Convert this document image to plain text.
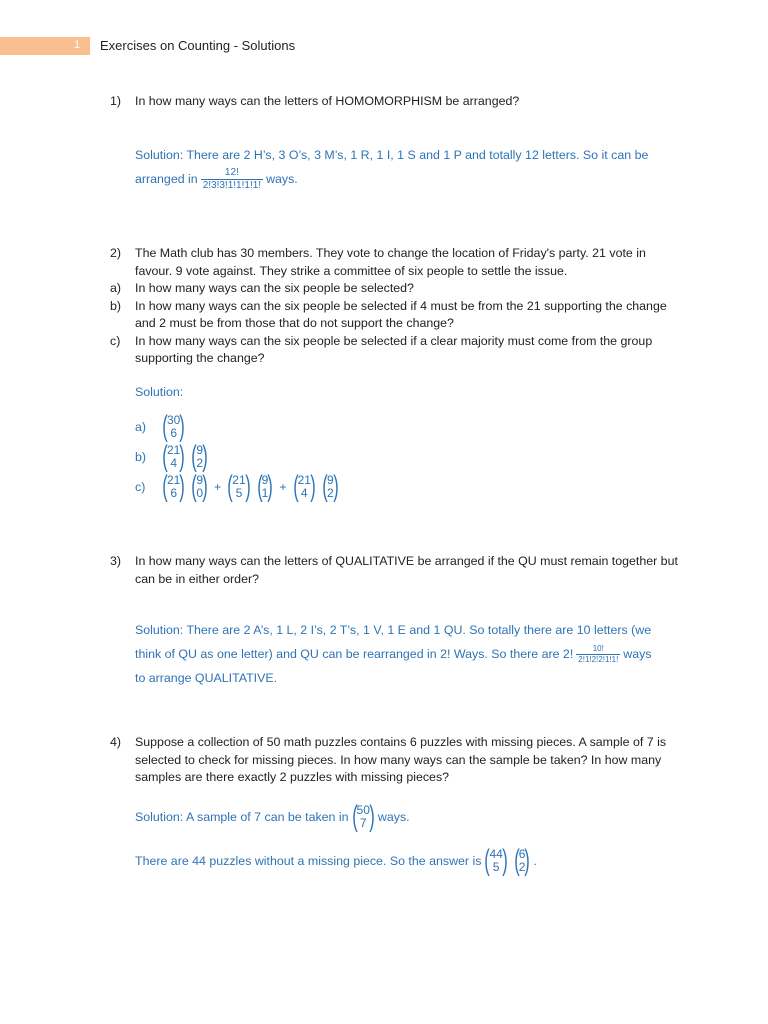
1 Exercises on Counting - Solutions
1)	In how many ways can the letters of HOMOMORPHISM be arranged?
Solution: There are 2 H’s, 3 O’s, 3 M’s, 1 R, 1 I, 1 S and 1 P and totally 12 letters. So it can be
arranged in $\frac{12!}{2!3!3!1!1!1!1!}$ ways.
2)	The Math club has 30 members. They vote to change the location of Friday's party. 21 vote in favour. 9 vote against. They strike a committee of six people to settle the issue.
a)	In how many ways can the six people be selected?
b)	In how many ways can the six people be selected if 4 must be from the 21 supporting the change and 2 must be from those that do not support the change?
c)	In how many ways can the six people be selected if a clear majority must come from the group supporting the change?
Solution:
a) ( 30
6 )
b) ( 21
4 ) ( 9
2 )
c) ( 21
6 ) ( 9
0 ) + ( 21
5 ) ( 9
1 ) + ( 21
4 ) ( 9
2 )
3)	In how many ways can the letters of QUALITATIVE be arranged if the QU must remain together but can be in either order?
Solution: There are 2 A’s, 1 L, 2 I’s, 2 T’s, 1 V, 1 E and 1 QU. So totally there are 10 letters (we
think of QU as one letter) and QU can be rearranged in 2! Ways. So there are 2! $\frac{10!}{2!1!2!2!1!1!}$ ways
to arrange QUALITATIVE.
4)	Suppose a collection of 50 math puzzles contains 6 puzzles with missing pieces. A sample of 7 is selected to check for missing pieces. In how many ways can the sample be taken? In how many samples are there exactly 2 puzzles with missing pieces?
Solution: A sample of 7 can be taken in ( 50
7 ) ways.
There are 44 puzzles without a missing piece. So the answer is ( 44
5 ) ( 6
2 ) .
